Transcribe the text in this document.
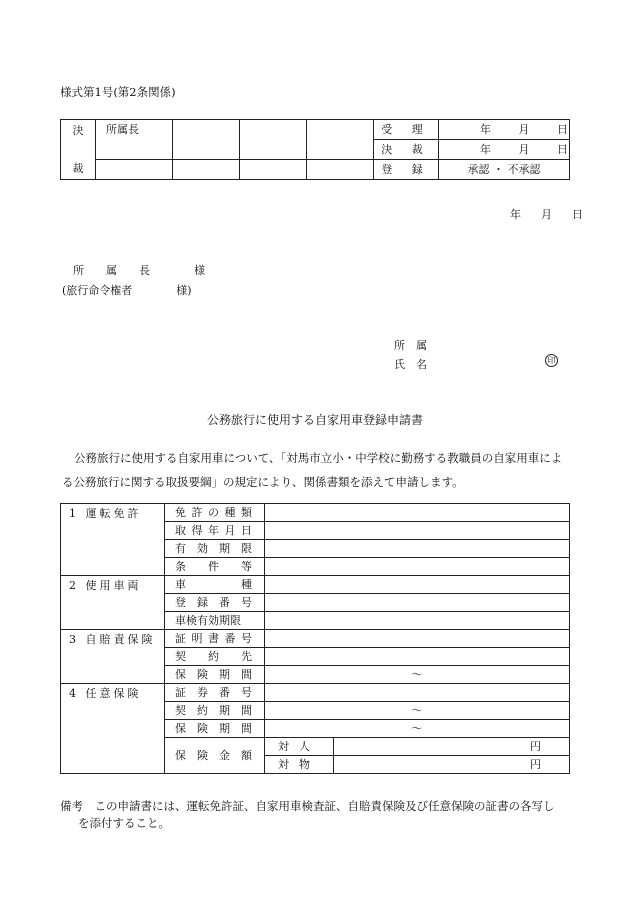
様式第1号(第2条関係)
決
裁	所属長				受 理	年 月 日
					決 裁	年 月 日
					登 録	承認 ・ 不承認
年 月 日
所　　属　　長　　　　様
(旅行命令権者　　　　様)
所　属
氏　名	印
公務旅行に使用する自家用車登録申請書
公務旅行に使用する自家用車について、「対馬市立小・中学校に勤務する教職員の自家用車による公務旅行に関する取扱要綱」の規定により、関係書類を添えて申請します。
1 運転免許	免許の種類		
	取得年月日		
	有効期限		
	条　件　等		
2 使用車両	車　　　種		
	登録番号		
	車検有効期限		
3 自賠責保険	証明書番号		
	契　約　先		
	保険期間	〜	
4 任意保険	証券番号		
	契約期間	〜	
	保険期間	〜	
	保険金額	対人	円
		対物	円
備考　この申請書には、運転免許証、自家用車検査証、自賠責保険及び任意保険の証書の各写し
を添付すること。
